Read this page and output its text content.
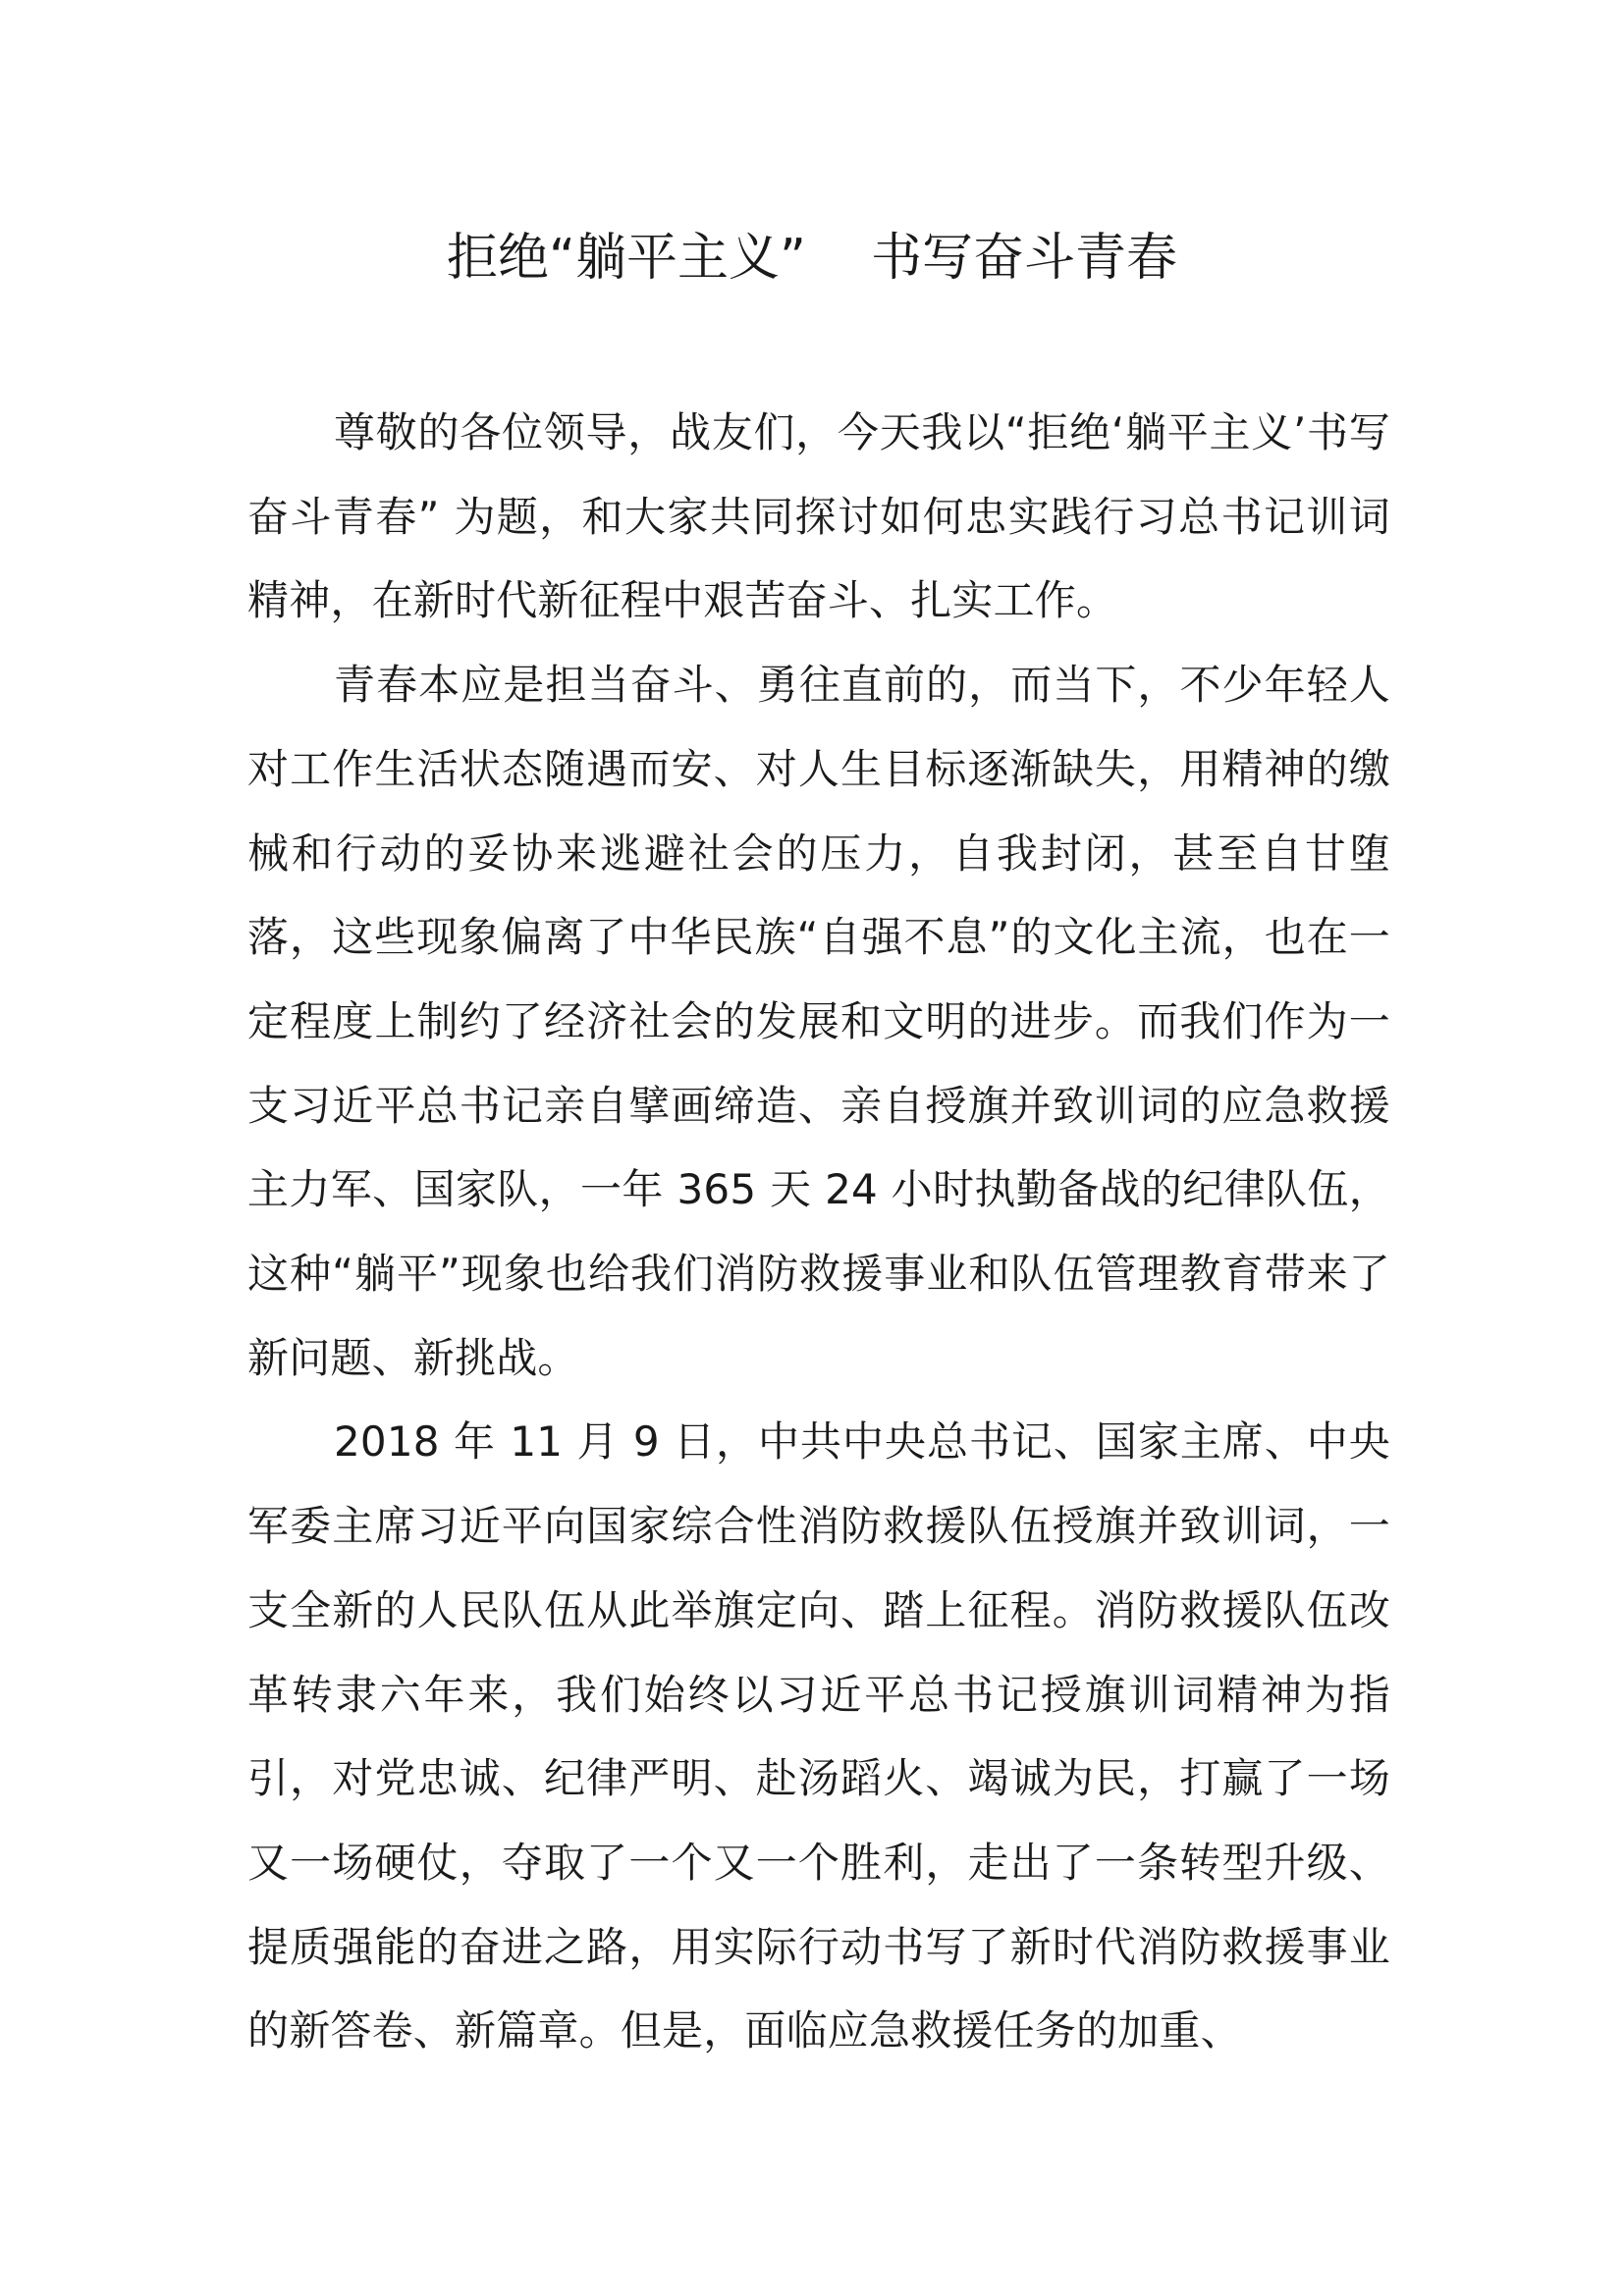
拒绝“躺平主义”    书写奋斗青春

尊敬的各位领导，战友们，今天我以“拒绝‘躺平主义’书写奋斗青春” 为题，和大家共同探讨如何忠实践行习总书记训词精神，在新时代新征程中艰苦奋斗、扎实工作。

青春本应是担当奋斗、勇往直前的，而当下，不少年轻人对工作生活状态随遇而安、对人生目标逐渐缺失，用精神的缴械和行动的妥协来逃避社会的压力，自我封闭，甚至自甘堕落，这些现象偏离了中华民族“自强不息”的文化主流，也在一定程度上制约了经济社会的发展和文明的进步。而我们作为一支习近平总书记亲自擘画缔造、亲自授旗并致训词的应急救援主力军、国家队，一年 365 天 24 小时执勤备战的纪律队伍，这种“躺平”现象也给我们消防救援事业和队伍管理教育带来了新问题、新挑战。

2018 年 11 月 9 日，中共中央总书记、国家主席、中央军委主席习近平向国家综合性消防救援队伍授旗并致训词，一支全新的人民队伍从此举旗定向、踏上征程。消防救援队伍改革转隶六年来，我们始终以习近平总书记授旗训词精神为指引，对党忠诚、纪律严明、赴汤蹈火、竭诚为民，打赢了一场又一场硬仗，夺取了一个又一个胜利，走出了一条转型升级、提质强能的奋进之路，用实际行动书写了新时代消防救援事业的新答卷、新篇章。但是，面临应急救援任务的加重、
